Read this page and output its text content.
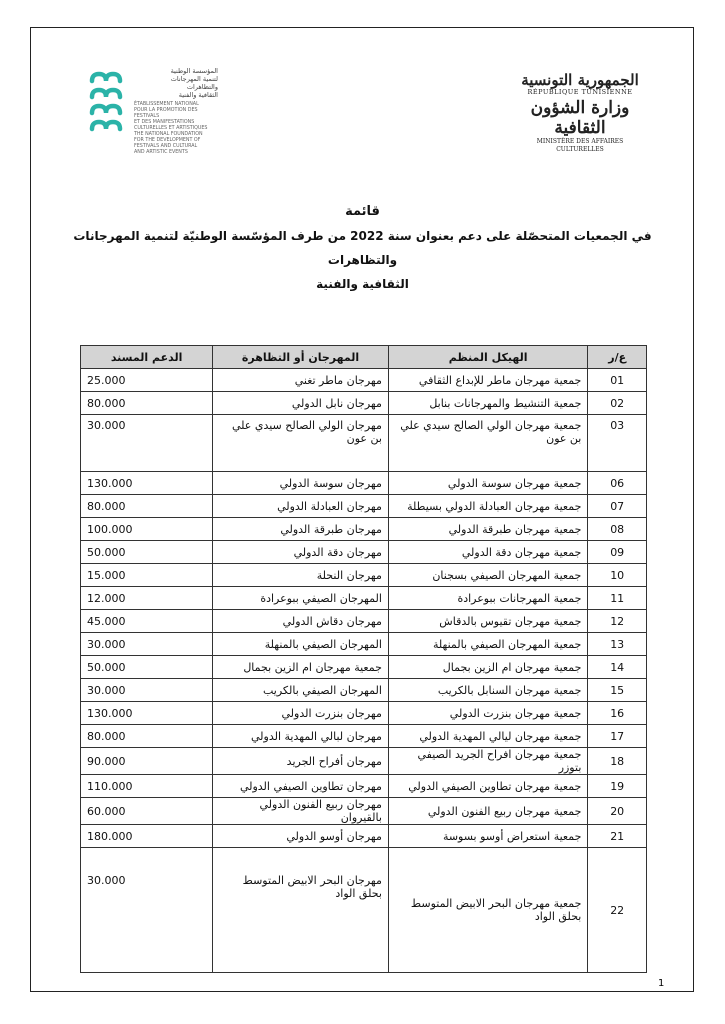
المؤسسة الوطنية
لتنمية المهرجانات
والتظاهرات
الثقافية والفنية
ÉTABLISSEMENT NATIONAL
POUR LA PROMOTION DES FESTIVALS
ET DES MANIFESTATIONS
CULTURELLES ET ARTISTIQUES
THE NATIONAL FOUNDATION
FOR THE DEVELOPMENT OF
FESTIVALS AND CULTURAL
AND ARTISTIC EVENTS
الجمهورية التونسية
RÉPUBLIQUE TUNISIENNE
وزارة الشؤون الثقافية
MINISTÈRE DES AFFAIRES CULTURELLES
قائمة
في الجمعيات المتحصّلة على دعم بعنوان سنة 2022 من طرف المؤسّسة الوطنيّة لتنمية المهرجانات والتظاهرات
الثقافية والفنية
ع/ر	الهيكل المنظم	المهرجان أو التظاهرة	الدعم المسند
01	جمعية مهرجان ماطر للإبداع الثقافي	مهرجان ماطر تغني	25.000
02	جمعية التنشيط والمهرجانات بنابل	مهرجان نابل الدولي	80.000
03	جمعية مهرجان الولي الصالح سيدي علي بن عون	مهرجان الولي الصالح سيدي علي بن عون	30.000
06	جمعية مهرجان سوسة الدولي	مهرجان سوسة الدولي	130.000
07	جمعية مهرجان العبادلة الدولي بسيطلة	مهرجان العبادلة الدولي	80.000
08	جمعية مهرجان طبرقة الدولي	مهرجان طبرقة الدولي	100.000
09	جمعية مهرجان دقة الدولي	مهرجان دقة الدولي	50.000
10	جمعية المهرجان الصيفي بسجنان	مهرجان النحلة	15.000
11	جمعية المهرجانات ببوعرادة	المهرجان الصيفي ببوعرادة	12.000
12	جمعية مهرجان تقيوس بالدقاش	مهرجان دقاش الدولي	45.000
13	جمعية المهرجان الصيفي بالمنهلة	المهرجان الصيفي بالمنهلة	30.000
14	جمعية مهرجان ام الزين بجمال	جمعية مهرجان ام الزين بجمال	50.000
15	جمعية مهرجان السنابل بالكريب	المهرجان الصيفي بالكريب	30.000
16	جمعية مهرجان بنزرت الدولي	مهرجان بنزرت الدولي	130.000
17	جمعية مهرجان ليالي المهدية الدولي	مهرجان لبالي المهدية الدولي	80.000
18	جمعية مهرجان افراح الجريد الصيفي بتوزر	مهرجان أفراح الجريد	90.000
19	جمعية مهرجان تطاوين الصيفي الدولي	مهرجان تطاوين الصيفي الدولي	110.000
20	جمعية مهرجان ربيع الفنون الدولي	مهرجان ربيع الفنون الدولي بالقيروان	60.000
21	جمعية استعراض أوسو بسوسة	مهرجان أوسو الدولي	180.000
22	جمعية مهرجان البحر الابيض المتوسط بحلق الواد	مهرجان البحر الابيض المتوسط بحلق الواد	30.000
1
